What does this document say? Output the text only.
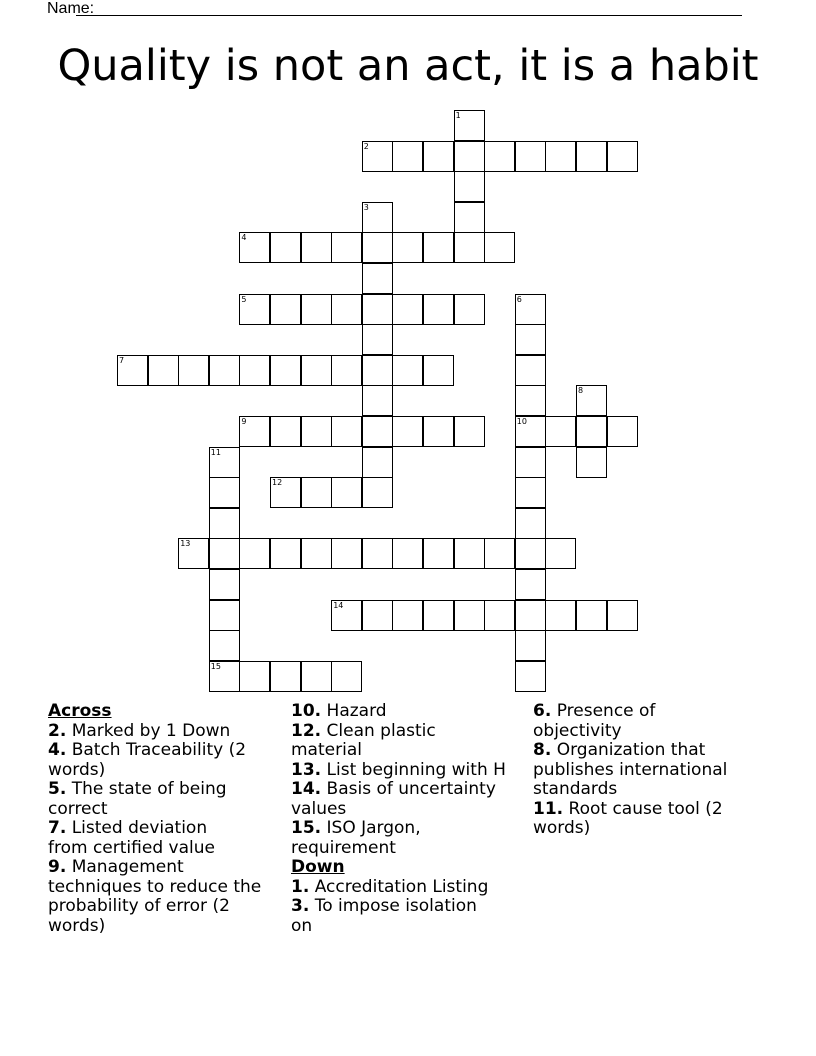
Name:
Quality is not an act, it is a habit
1
2
3
4
5	6
10
7
8
9
11
15
12
13
14
Across
2. Marked by 1 Down
4. Batch Traceability (2 words)
5. The state of being correct
7. Listed deviation from certified value
9. Management techniques to reduce the probability of error (2 words)
10. Hazard
12. Clean plastic material
13. List beginning with H
14. Basis of uncertainty values
15. ISO Jargon, requirement
Down
1. Accreditation Listing
3. To impose isolation on
6. Presence of objectivity
8. Organization that publishes international standards
11. Root cause tool (2 words)
